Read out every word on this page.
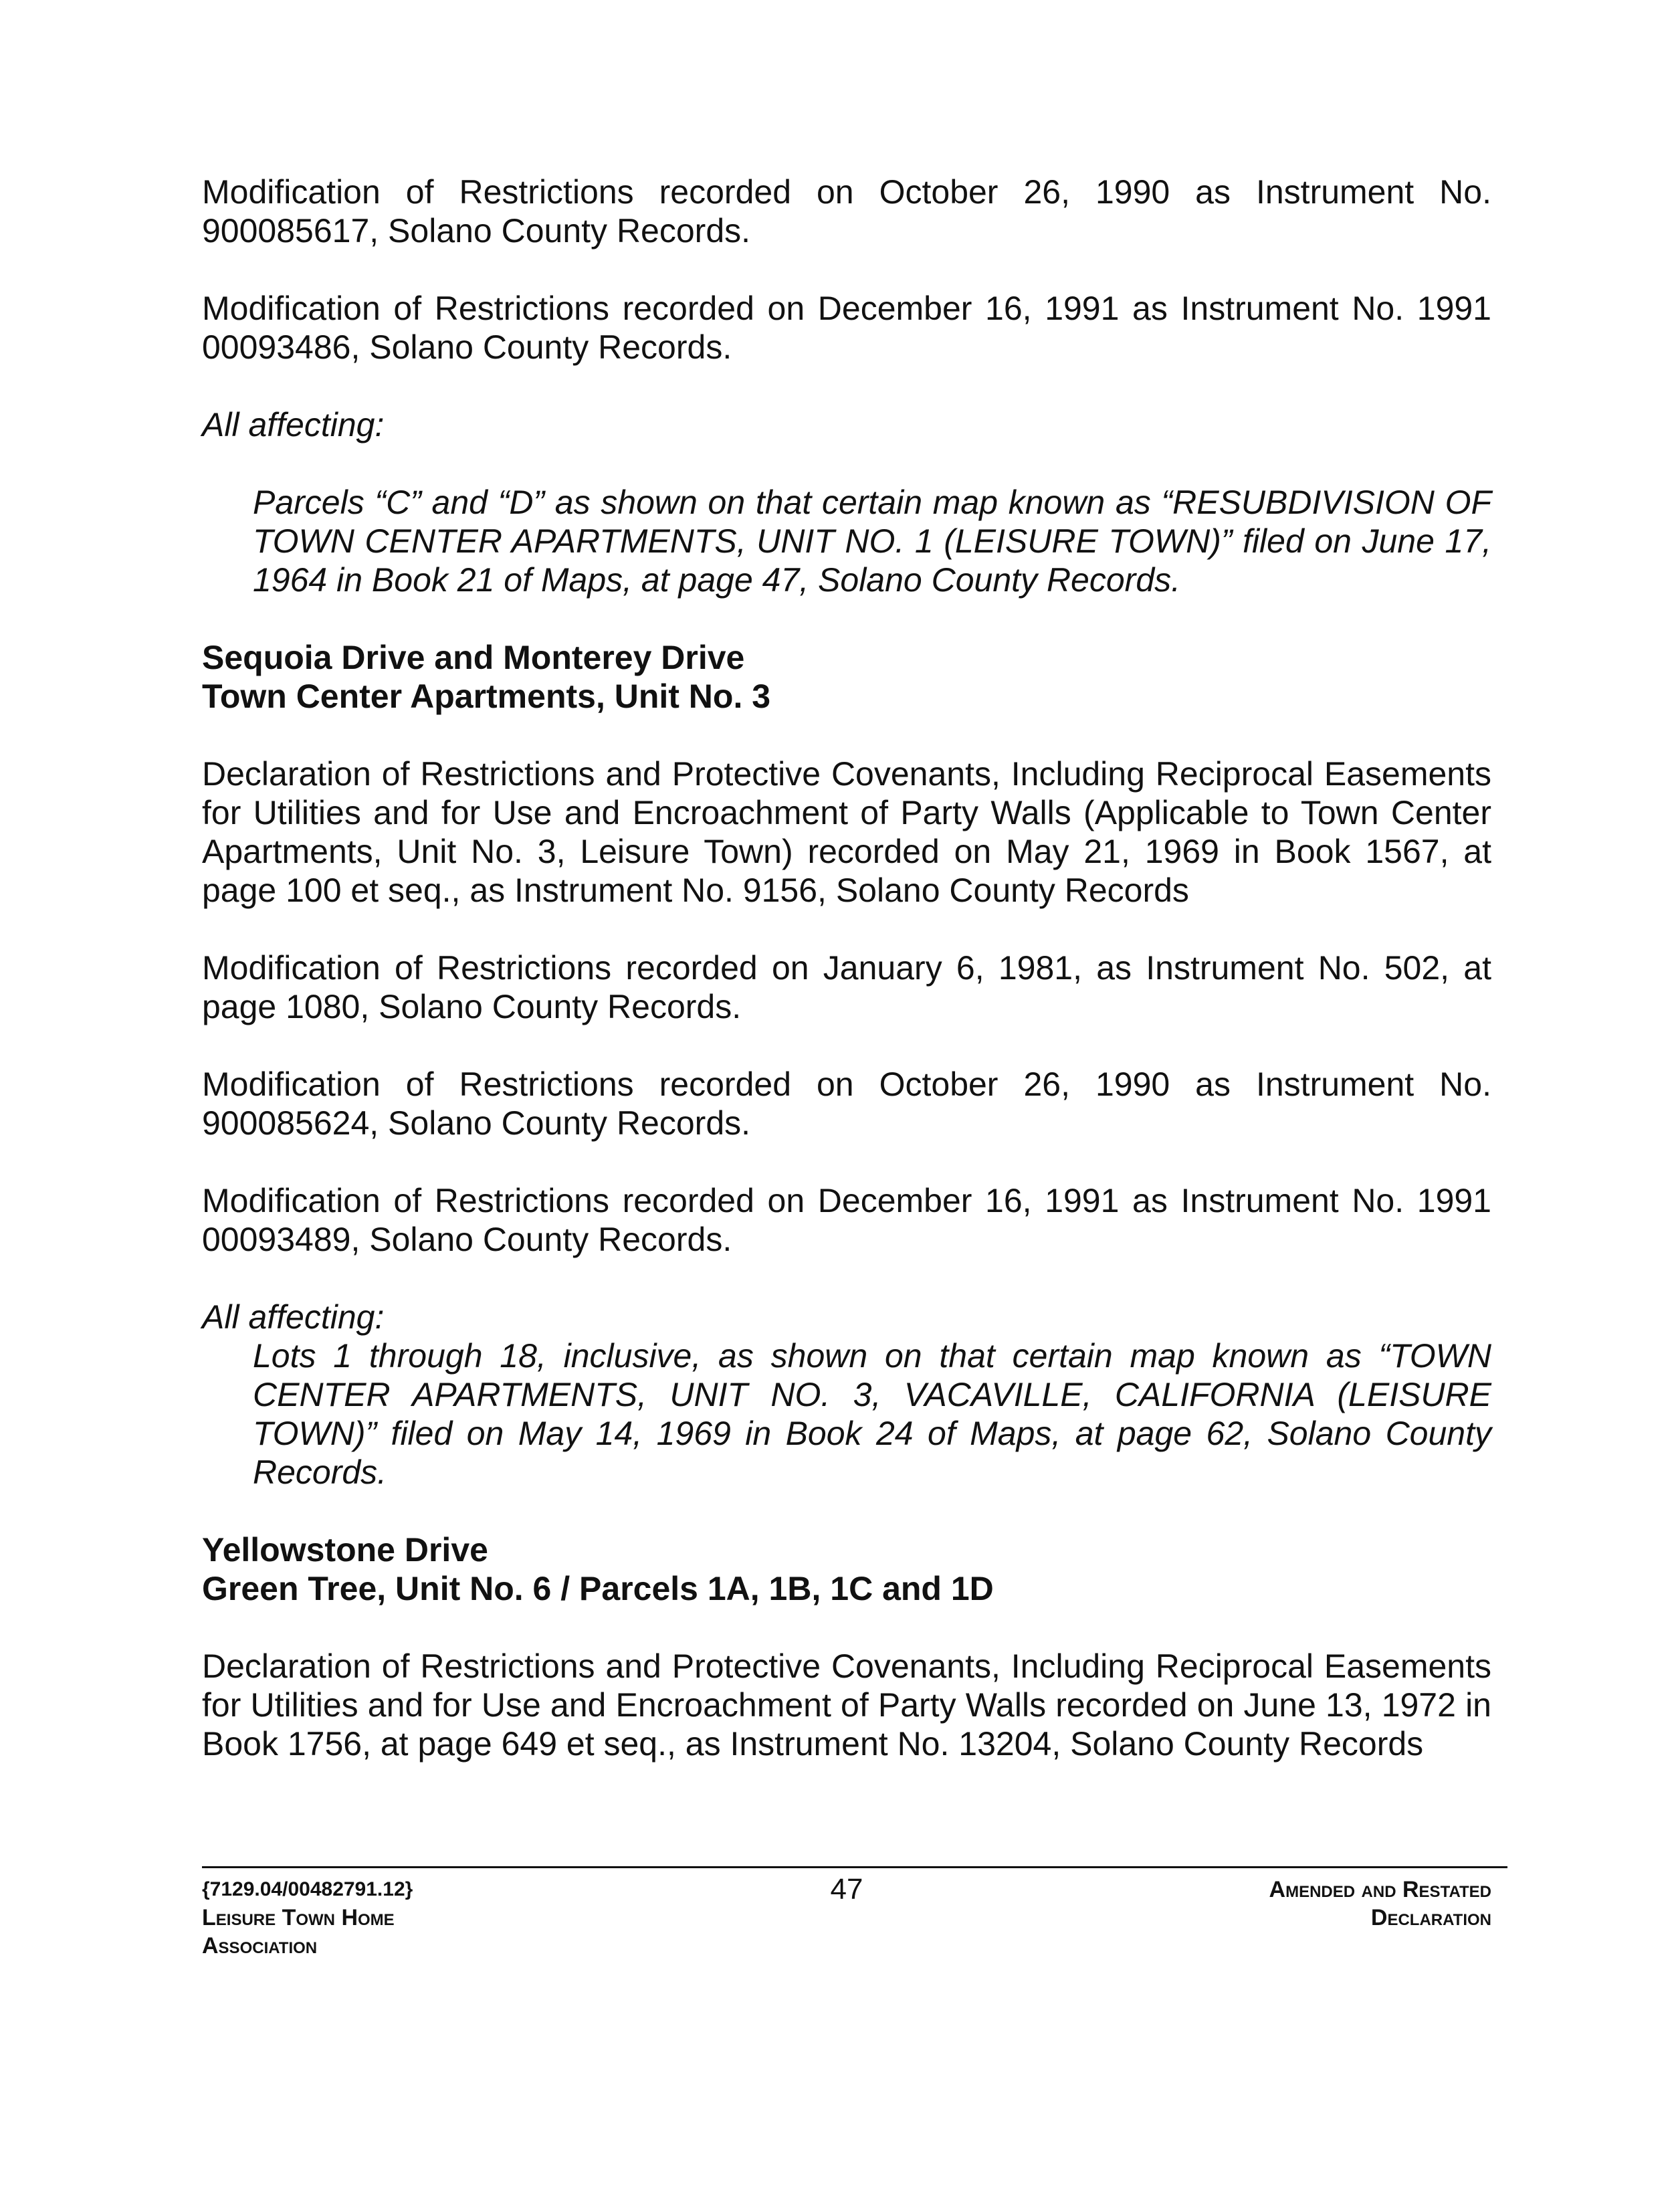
Modification of Restrictions recorded on October 26, 1990 as Instrument No. 900085617, Solano County Records.

Modification of Restrictions recorded on December 16, 1991 as Instrument No. 1991 00093486, Solano County Records.

All affecting:

Parcels “C” and “D” as shown on that certain map known as “RESUBDIVISION OF TOWN CENTER APARTMENTS, UNIT NO. 1 (LEISURE TOWN)” filed on June 17, 1964 in Book 21 of Maps, at page 47, Solano County Records.

Sequoia Drive and Monterey Drive

Town Center Apartments, Unit No. 3

Declaration of Restrictions and Protective Covenants, Including Reciprocal Easements for Utilities and for Use and Encroachment of Party Walls (Applicable to Town Center Apartments, Unit No. 3, Leisure Town) recorded on May 21, 1969 in Book 1567, at page 100 et seq., as Instrument No. 9156, Solano County Records

Modification of Restrictions recorded on January 6, 1981, as Instrument No. 502, at page 1080, Solano County Records.

Modification of Restrictions recorded on October 26, 1990 as Instrument No. 900085624, Solano County Records.

Modification of Restrictions recorded on December 16, 1991 as Instrument No. 1991 00093489, Solano County Records.

All affecting:

Lots 1 through 18, inclusive, as shown on that certain map known as “TOWN CENTER APARTMENTS, UNIT NO. 3, VACAVILLE, CALIFORNIA (LEISURE TOWN)” filed on May 14, 1969 in Book 24 of Maps, at page 62, Solano County Records.

Yellowstone Drive

Green Tree, Unit No. 6 / Parcels 1A, 1B, 1C and 1D

Declaration of Restrictions and Protective Covenants, Including Reciprocal Easements for Utilities and for Use and Encroachment of Party Walls recorded on June 13, 1972 in Book 1756, at page 649 et seq., as Instrument No. 13204, Solano County Records

47
{7129.04/00482791.12}
Leisure Town Home
Association
Amended and Restated
Declaration
